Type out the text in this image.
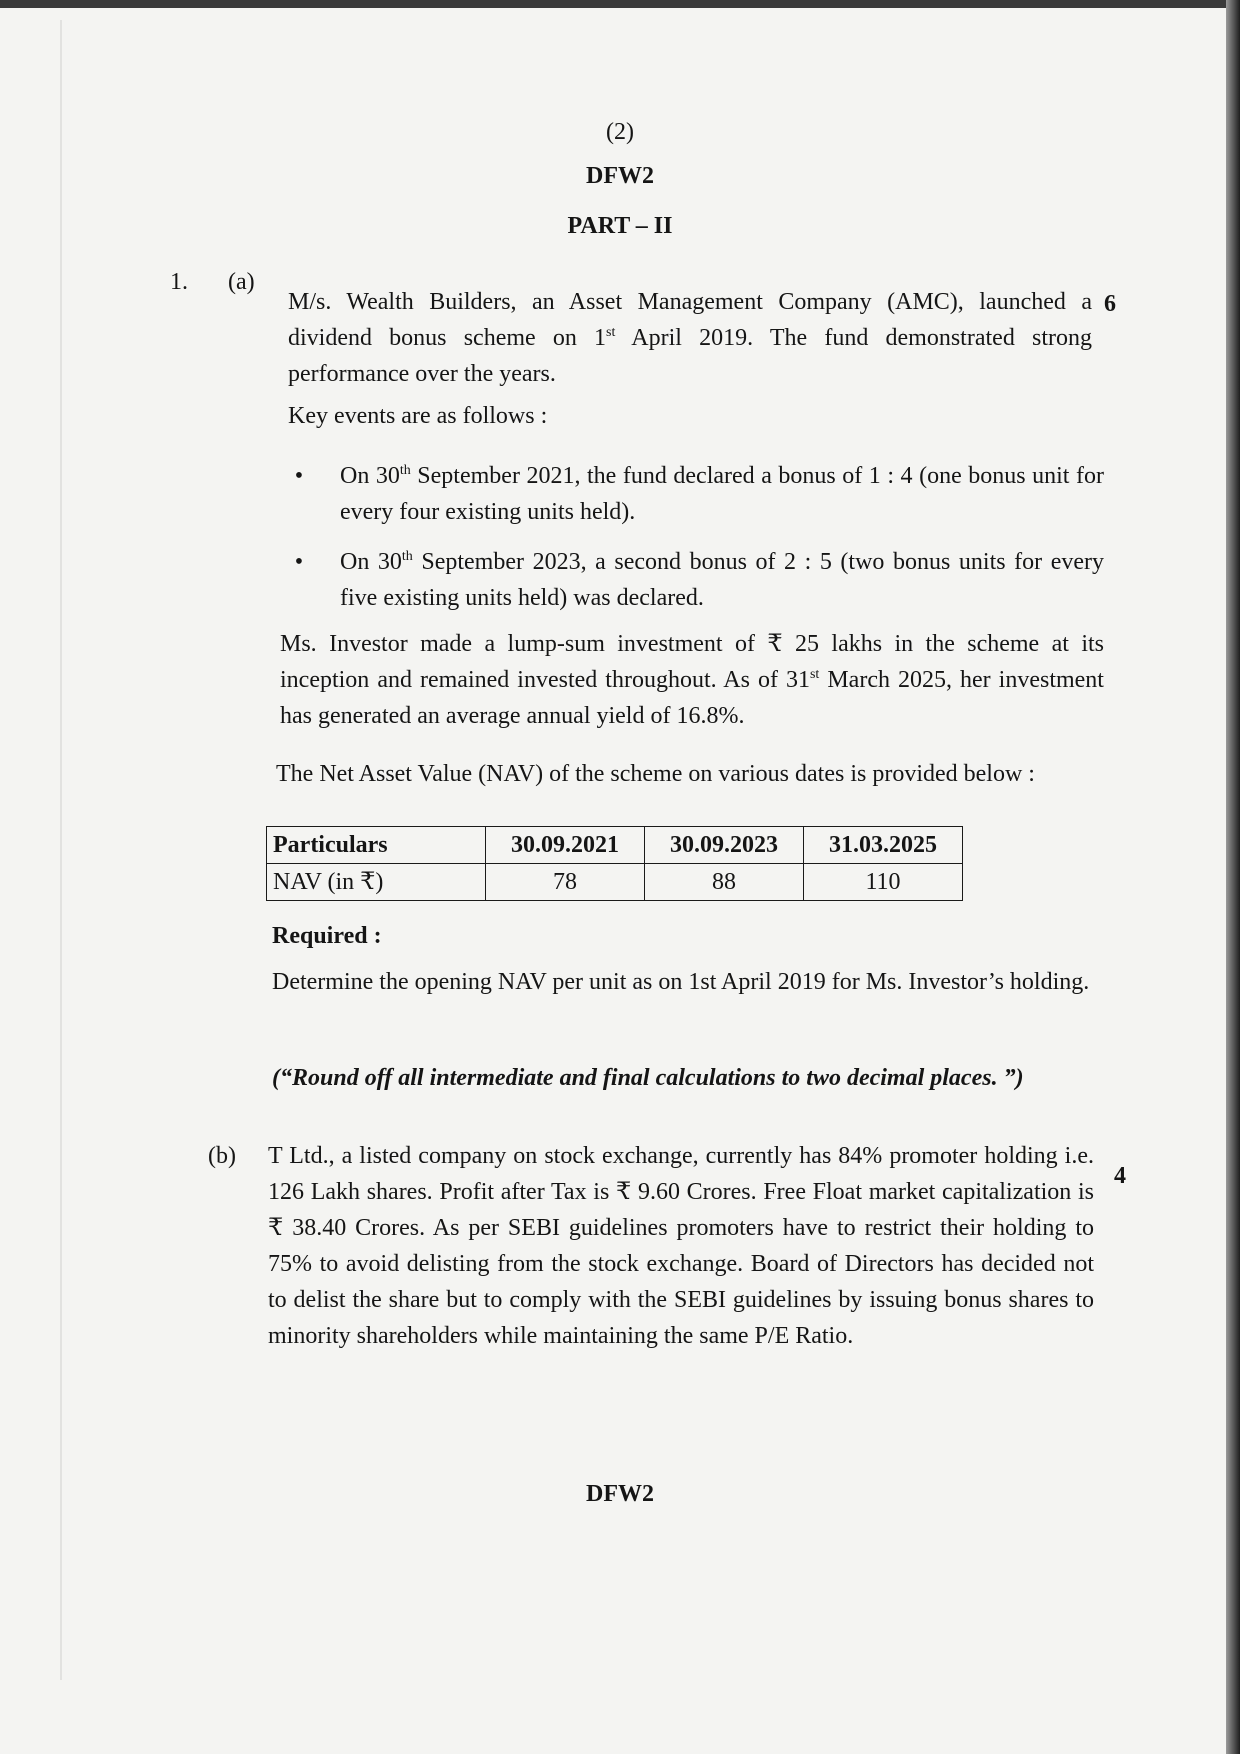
(2)
DFW2
PART – II
1. (a)
6
M/s. Wealth Builders, an Asset Management Company (AMC), launched a dividend bonus scheme on 1st April 2019. The fund demonstrated strong performance over the years.
Key events are as follows :
•	On 30th September 2021, the fund declared a bonus of 1 : 4 (one bonus unit for every four existing units held).
•	On 30th September 2023, a second bonus of 2 : 5 (two bonus units for every five existing units held) was declared.
Ms. Investor made a lump-sum investment of ₹ 25 lakhs in the scheme at its inception and remained invested throughout. As of 31st March 2025, her investment has generated an average annual yield of 16.8%.
The Net Asset Value (NAV) of the scheme on various dates is provided below :
Particulars	30.09.2021	30.09.2023	31.03.2025
NAV (in ₹)	78	88	110
Required :
Determine the opening NAV per unit as on 1st April 2019 for Ms. Investor’s holding.
(“Round off all intermediate and final calculations to two decimal places. ”)
(b)
4
T Ltd., a listed company on stock exchange, currently has 84% promoter holding i.e. 126 Lakh shares. Profit after Tax is ₹ 9.60 Crores. Free Float market capitalization is ₹ 38.40 Crores. As per SEBI guidelines promoters have to restrict their holding to 75% to avoid delisting from the stock exchange. Board of Directors has decided not to delist the share but to comply with the SEBI guidelines by issuing bonus shares to minority shareholders while maintaining the same P/E Ratio.
DFW2
